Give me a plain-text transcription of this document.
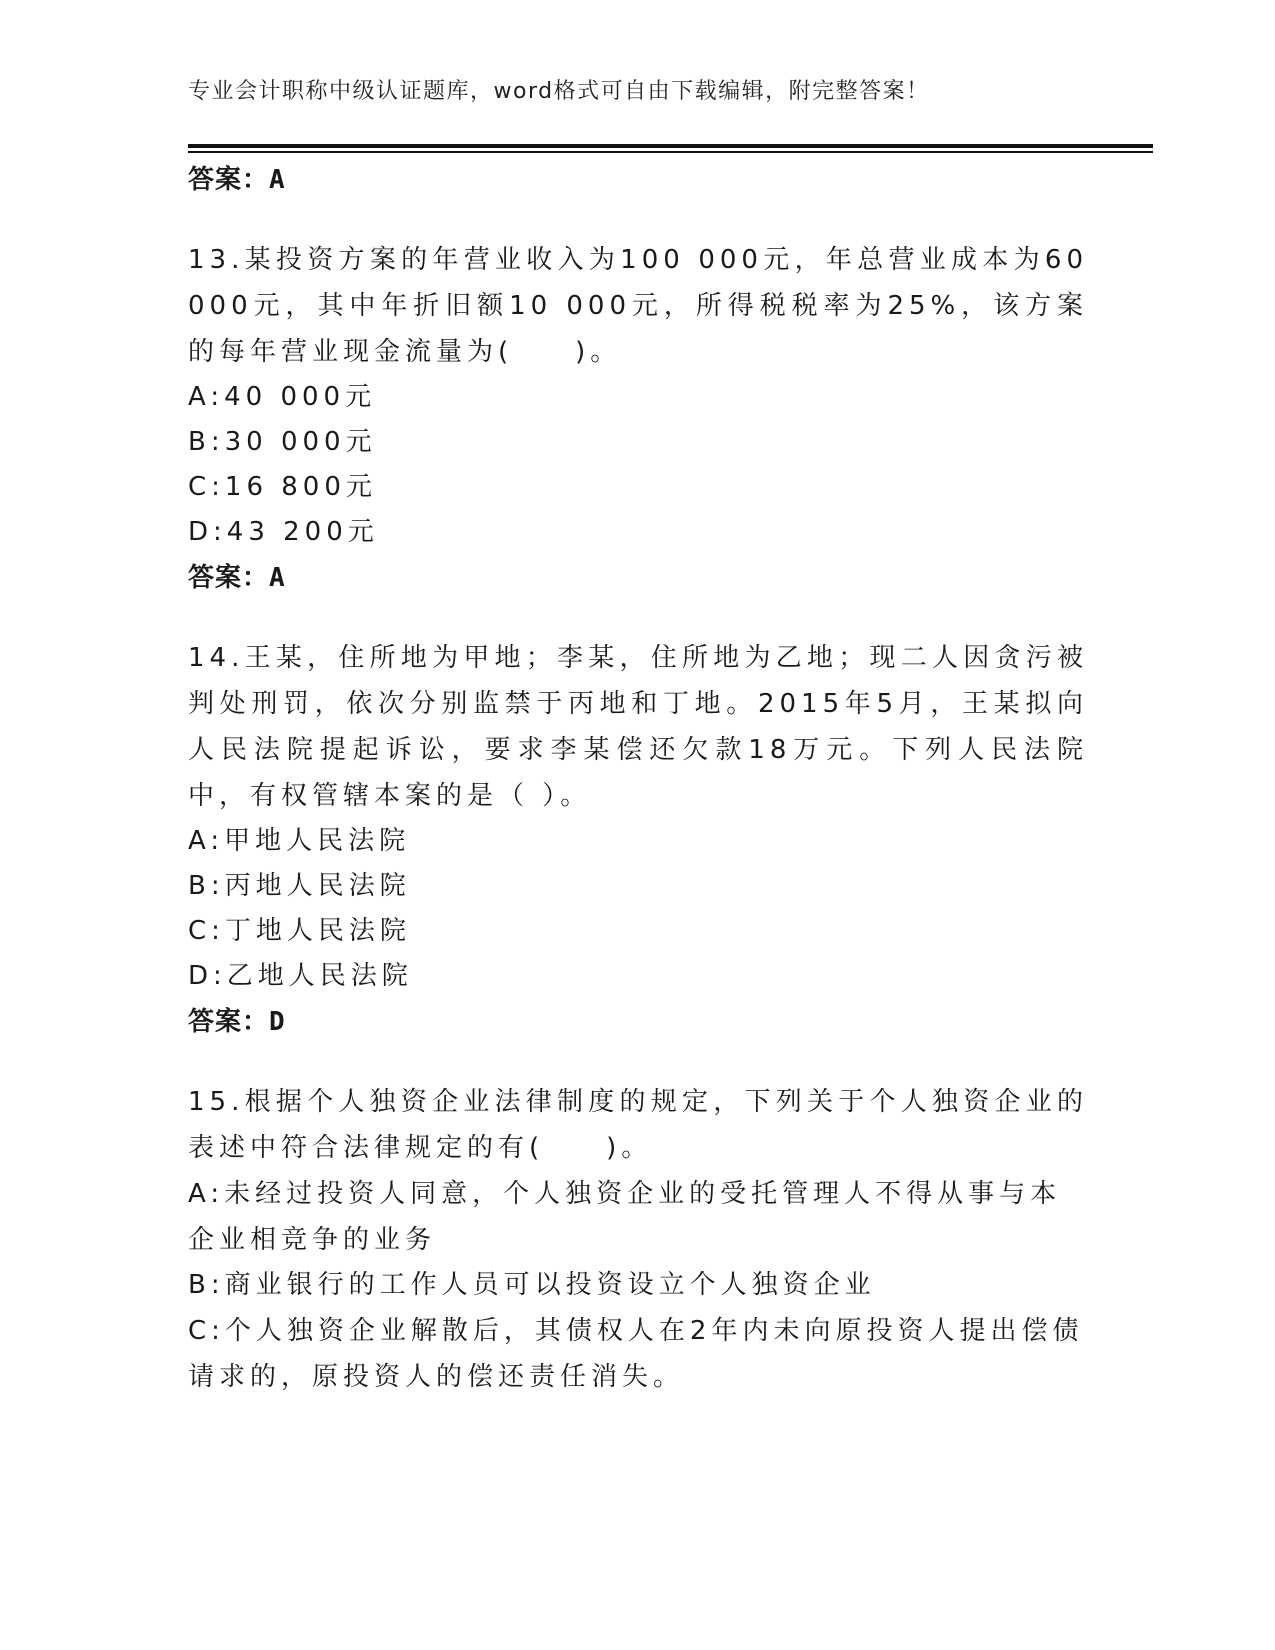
专业会计职称中级认证题库，word格式可自由下载编辑，附完整答案！
答案：A
13.某投资方案的年营业收入为100 000元，年总营业成本为60 000元，其中年折旧额10 000元，所得税税率为25%，该方案的每年营业现金流量为(　　)。
A:40 000元
B:30 000元
C:16 800元
D:43 200元
答案：A
14.王某，住所地为甲地；李某，住所地为乙地；现二人因贪污被判处刑罚，依次分别监禁于丙地和丁地。2015年5月，王某拟向人民法院提起诉讼，要求李某偿还欠款18万元。下列人民法院中，有权管辖本案的是（ ）。
A:甲地人民法院
B:丙地人民法院
C:丁地人民法院
D:乙地人民法院
答案：D
15.根据个人独资企业法律制度的规定，下列关于个人独资企业的表述中符合法律规定的有(　　)。
A:未经过投资人同意，个人独资企业的受托管理人不得从事与本企业相竞争的业务
B:商业银行的工作人员可以投资设立个人独资企业
C:个人独资企业解散后，其债权人在2年内未向原投资人提出偿债请求的，原投资人的偿还责任消失。
